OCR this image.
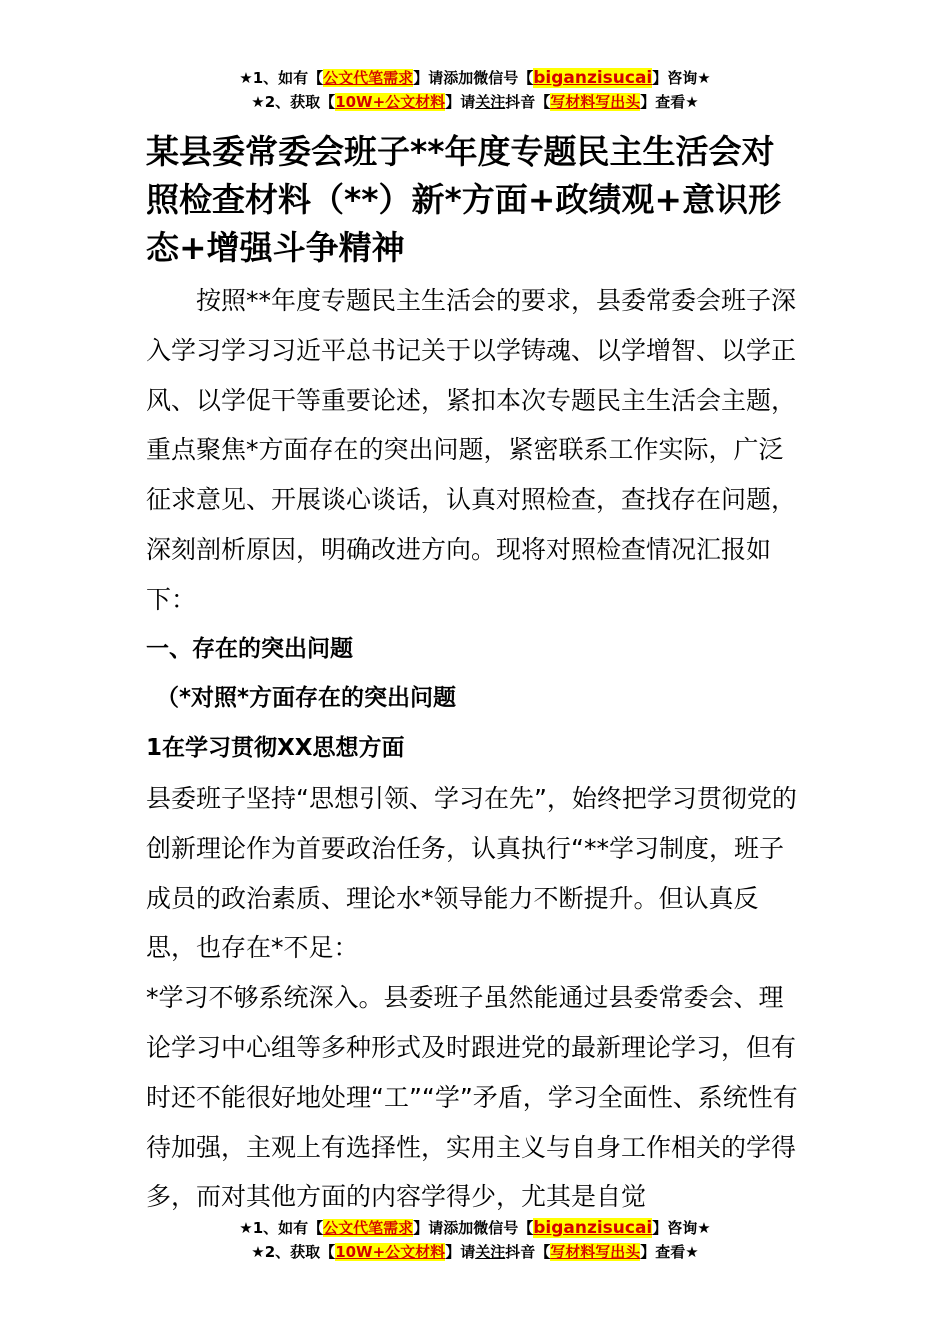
★1、如有【公文代笔需求】请添加微信号【biganzisucai】咨询★
★2、获取【10W+公文材料】请关注抖音【写材料写出头】查看★
某县委常委会班子**年度专题民主生活会对照检查材料（**）新*方面+政绩观+意识形态+增强斗争精神

按照**年度专题民主生活会的要求，县委常委会班子深入学习学习习近平总书记关于以学铸魂、以学增智、以学正风、以学促干等重要论述，紧扣本次专题民主生活会主题，重点聚焦*方面存在的突出问题，紧密联系工作实际，广泛征求意见、开展谈心谈话，认真对照检查，查找存在问题，深刻剖析原因，明确改进方向。现将对照检查情况汇报如下：

一、存在的突出问题

（*对照*方面存在的突出问题

1在学习贯彻XX思想方面

县委班子坚持“思想引领、学习在先”，始终把学习贯彻党的创新理论作为首要政治任务，认真执行“**学习制度，班子成员的政治素质、理论水*领导能力不断提升。但认真反思，也存在*不足：

*学习不够系统深入。县委班子虽然能通过县委常委会、理论学习中心组等多种形式及时跟进党的最新理论学习，但有时还不能很好地处理“工”“学”矛盾，学习全面性、系统性有待加强，主观上有选择性，实用主义与自身工作相关的学得多，而对其他方面的内容学得少，尤其是自觉

★1、如有【公文代笔需求】请添加微信号【biganzisucai】咨询★
★2、获取【10W+公文材料】请关注抖音【写材料写出头】查看★
